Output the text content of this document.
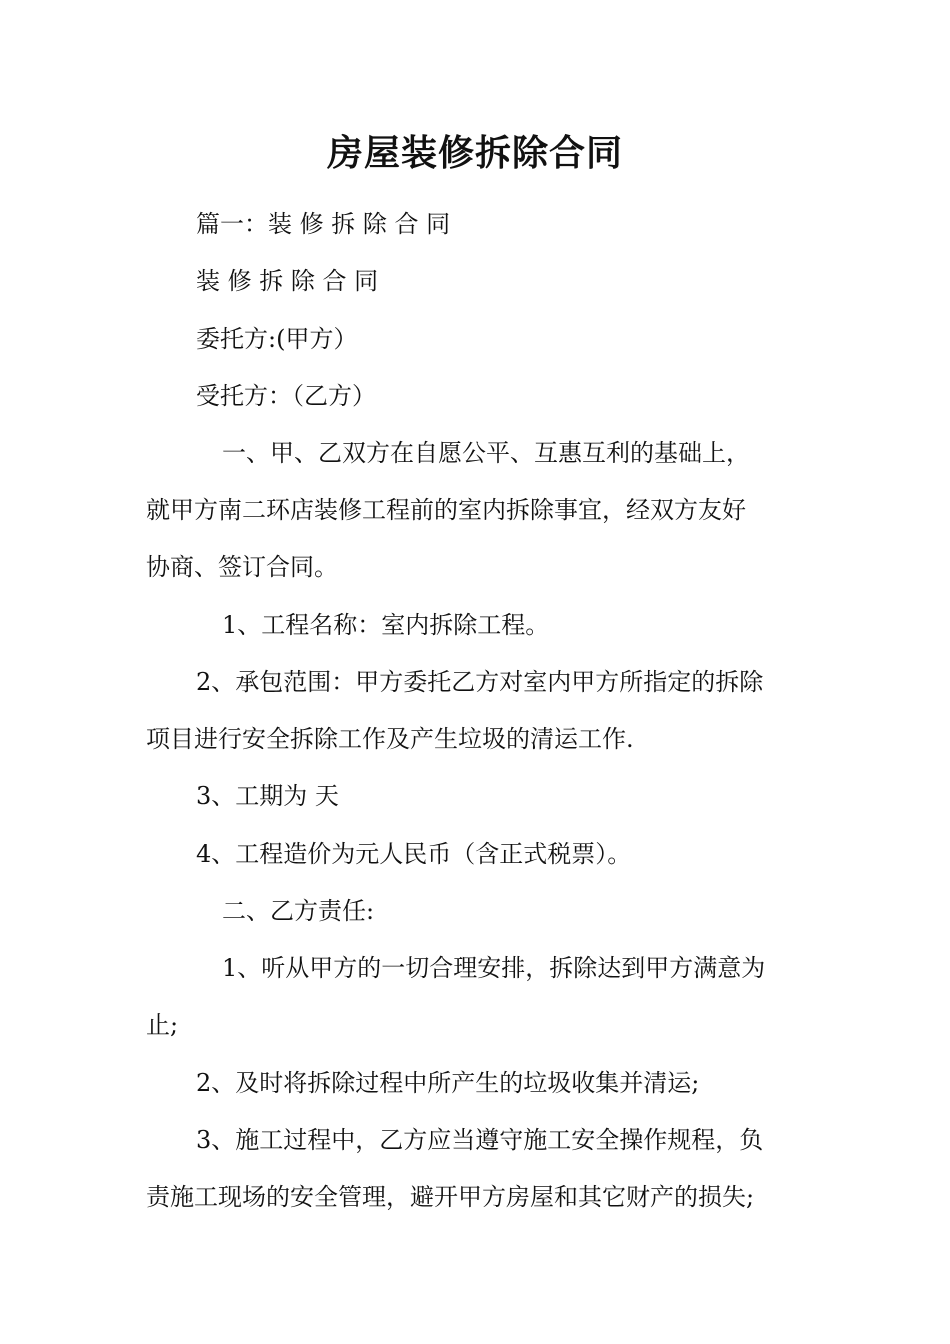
房屋装修拆除合同

篇一：装 修 拆 除 合 同

装 修 拆 除 合 同

委托方:(甲方）

受托方：（乙方）

一、甲、乙双方在自愿公平、互惠互利的基础上，

就甲方南二环店装修工程前的室内拆除事宜，经双方友好

协商、签订合同。

1、工程名称：室内拆除工程。

2、承包范围：甲方委托乙方对室内甲方所指定的拆除

项目进行安全拆除工作及产生垃圾的清运工作.

3、工期为 天

4、工程造价为元人民币（含正式税票）。

二、乙方责任:

1、听从甲方的一切合理安排，拆除达到甲方满意为

止;

2、及时将拆除过程中所产生的垃圾收集并清运;

3、施工过程中，乙方应当遵守施工安全操作规程，负

责施工现场的安全管理，避开甲方房屋和其它财产的损失;
